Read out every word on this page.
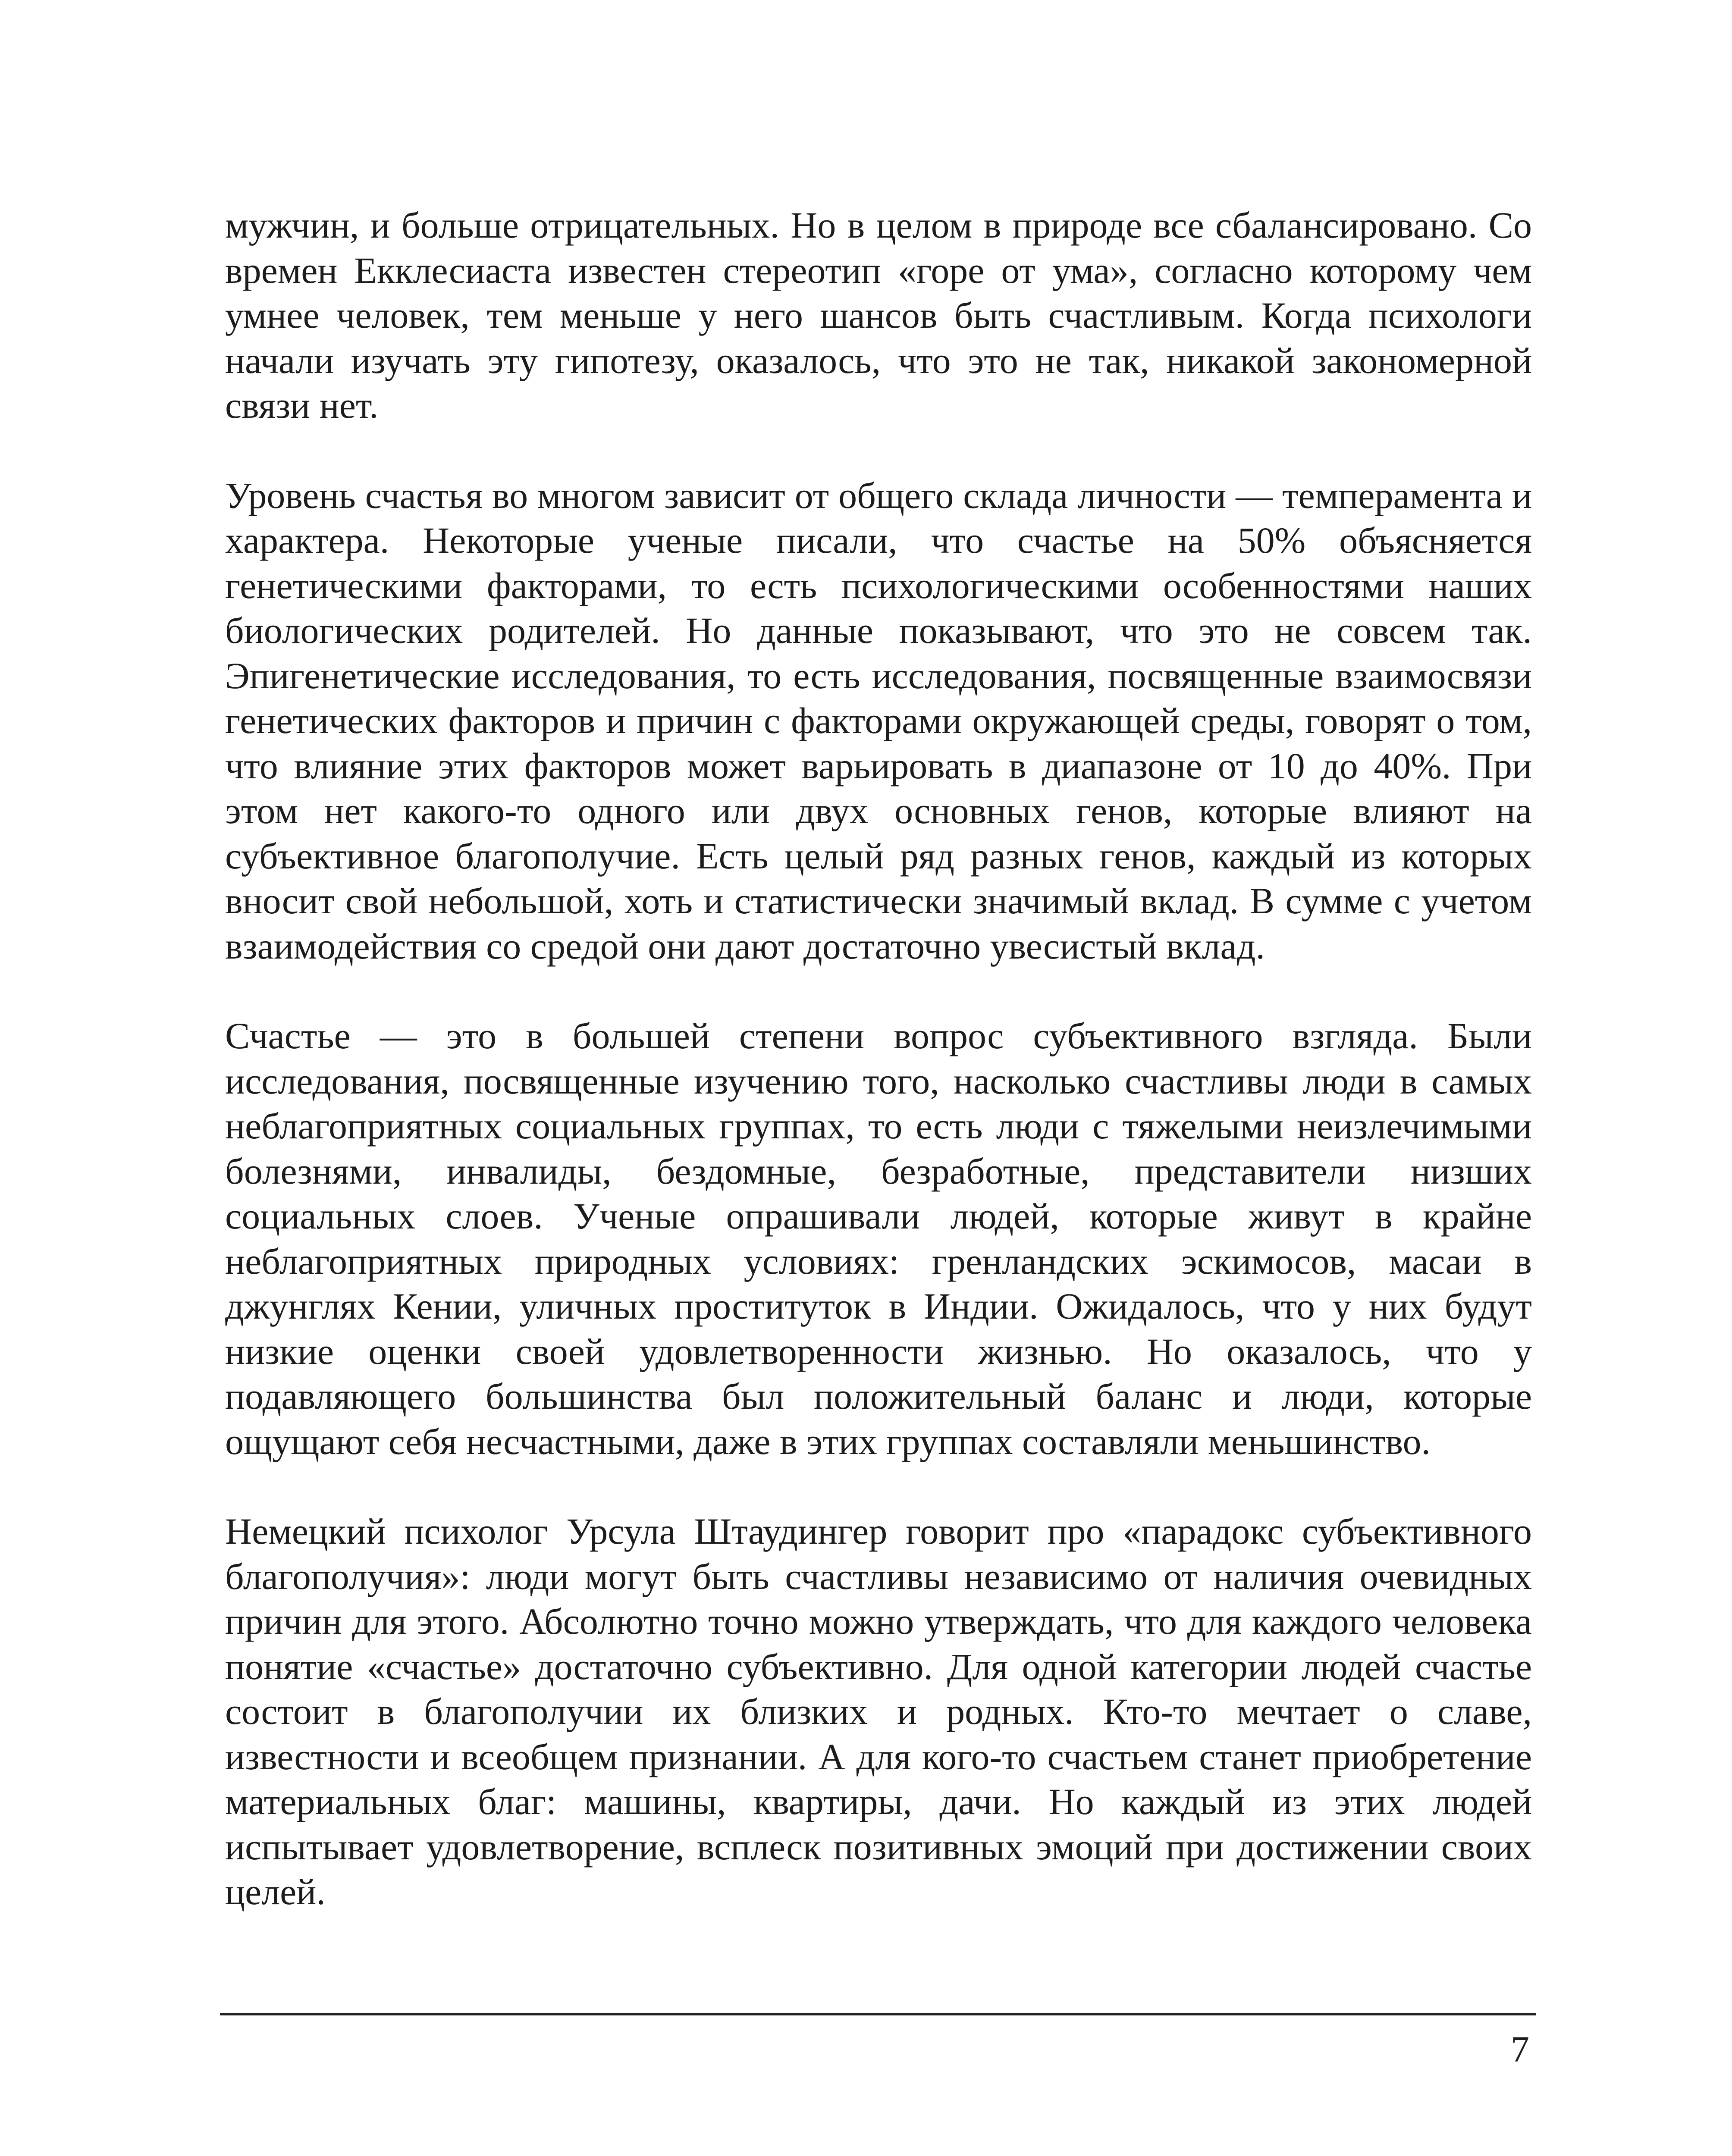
мужчин, и больше отрицательных. Но в целом в природе все сбалансировано. Со времен Екклесиаста известен стереотип «горе от ума», согласно которому чем умнее человек, тем меньше у него шансов быть счастливым. Когда психологи начали изучать эту гипотезу, оказалось, что это не так, никакой закономерной связи нет.

Уровень счастья во многом зависит от общего склада личности — темперамента и характера. Некоторые ученые писали, что счастье на 50% объясняется генетическими факторами, то есть психологическими особенностями наших биологических родителей. Но данные показывают, что это не совсем так. Эпигенетические исследования, то есть исследования, посвященные взаимосвязи генетических факторов и причин с факторами окружающей среды, говорят о том, что влияние этих факторов может варьировать в диапазоне от 10 до 40%. При этом нет какого-то одного или двух основных генов, которые влияют на субъективное благополучие. Есть целый ряд разных генов, каждый из которых вносит свой небольшой, хоть и статистически значимый вклад. В сумме с учетом взаимодействия со средой они дают достаточно увесистый вклад.

Счастье — это в большей степени вопрос субъективного взгляда. Были исследования, посвященные изучению того, насколько счастливы люди в самых неблагоприятных социальных группах, то есть люди с тяжелыми неизлечимыми болезнями, инвалиды, бездомные, безработные, представители низших социальных слоев. Ученые опрашивали людей, которые живут в крайне неблагоприятных природных условиях: гренландских эскимосов, масаи в джунглях Кении, уличных проституток в Индии. Ожидалось, что у них будут низкие оценки своей удовлетворенности жизнью. Но оказалось, что у подавляющего большинства был положительный баланс и люди, которые ощущают себя несчастными, даже в этих группах составляли меньшинство.

Немецкий психолог Урсула Штаудингер говорит про «парадокс субъективного благополучия»: люди могут быть счастливы независимо от наличия очевидных причин для этого. Абсолютно точно можно утверждать, что для каждого человека понятие «счастье» достаточно субъективно. Для одной категории людей счастье состоит в благополучии их близких и родных. Кто-то мечтает о славе, известности и всеобщем признании. А для кого-то счастьем станет приобретение материальных благ: машины, квартиры, дачи. Но каждый из этих людей испытывает удовлетворение, всплеск позитивных эмоций при достижении своих целей.

7
